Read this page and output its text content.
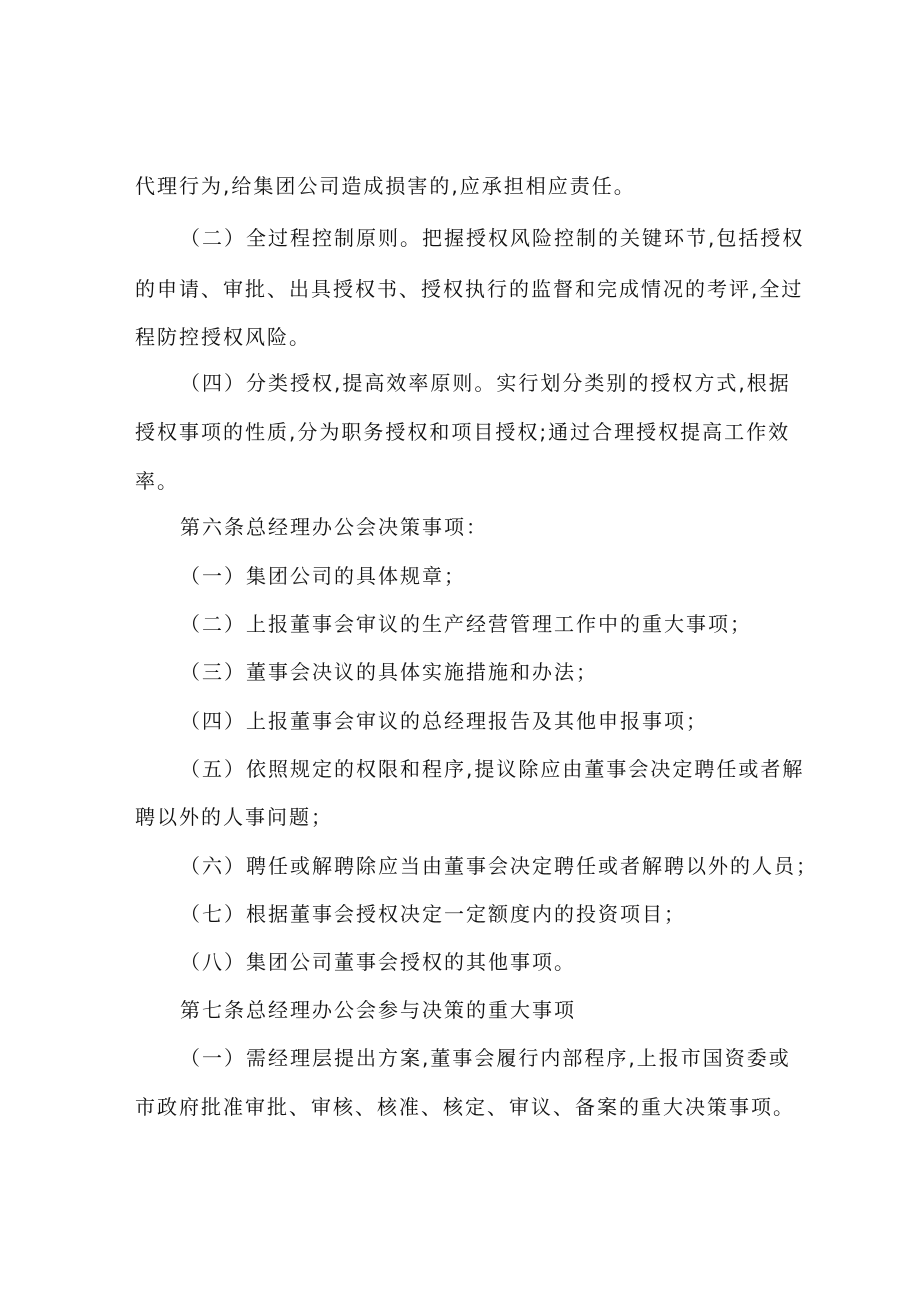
代理行为,给集团公司造成损害的,应承担相应责任。

（二）全过程控制原则。把握授权风险控制的关键环节,包括授权

的申请、审批、出具授权书、授权执行的监督和完成情况的考评,全过

程防控授权风险。

（四）分类授权,提高效率原则。实行划分类别的授权方式,根据

授权事项的性质,分为职务授权和项目授权;通过合理授权提高工作效

率。

第六条总经理办公会决策事项：

（一）集团公司的具体规章；

（二）上报董事会审议的生产经营管理工作中的重大事项；

（三）董事会决议的具体实施措施和办法；

（四）上报董事会审议的总经理报告及其他申报事项；

（五）依照规定的权限和程序,提议除应由董事会决定聘任或者解

聘以外的人事问题；

（六）聘任或解聘除应当由董事会决定聘任或者解聘以外的人员；

（七）根据董事会授权决定一定额度内的投资项目；

（八）集团公司董事会授权的其他事项。

第七条总经理办公会参与决策的重大事项

（一）需经理层提出方案,董事会履行内部程序,上报市国资委或

市政府批准审批、审核、核准、核定、审议、备案的重大决策事项。
